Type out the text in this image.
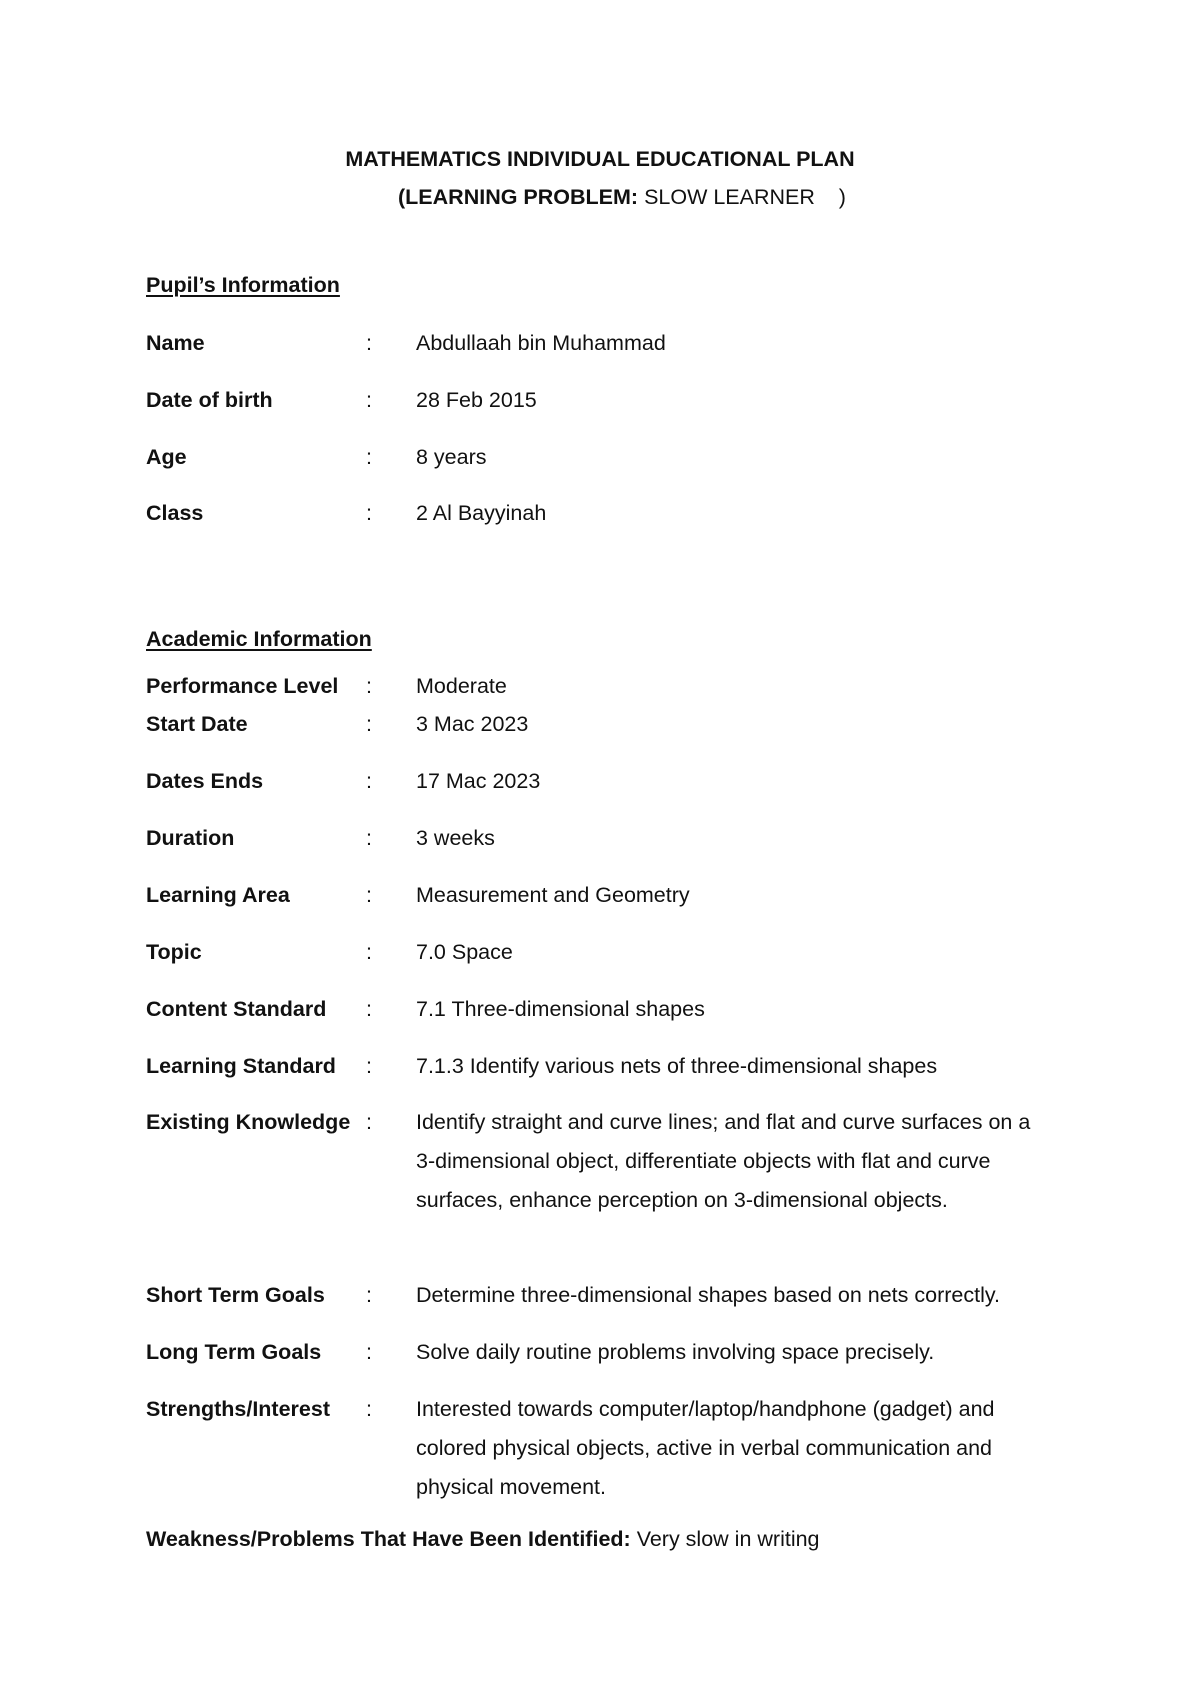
MATHEMATICS INDIVIDUAL EDUCATIONAL PLAN
(LEARNING PROBLEM: SLOW LEARNER    )
Pupil’s Information
Name	: Abdullaah bin Muhammad
Date of birth	: 28 Feb 2015
Age	: 8 years
Class	: 2 Al Bayyinah
Academic Information
Performance Level : Moderate
Start Date	: 3 Mac 2023
Dates Ends	: 17 Mac 2023
Duration	: 3 weeks
Learning Area	: Measurement and Geometry
Topic	: 7.0 Space
Content Standard : 7.1 Three-dimensional shapes
Learning Standard : 7.1.3 Identify various nets of three-dimensional shapes
Existing Knowledge : Identify straight and curve lines; and flat and curve surfaces on a 3-dimensional object, differentiate objects with flat and curve surfaces, enhance perception on 3-dimensional objects.
Short Term Goals : Determine three-dimensional shapes based on nets correctly.
Long Term Goals : Solve daily routine problems involving space precisely.
Strengths/Interest : Interested towards computer/laptop/handphone (gadget) and colored physical objects, active in verbal communication and physical movement.
Weakness/Problems That Have Been Identified: Very slow in writing
